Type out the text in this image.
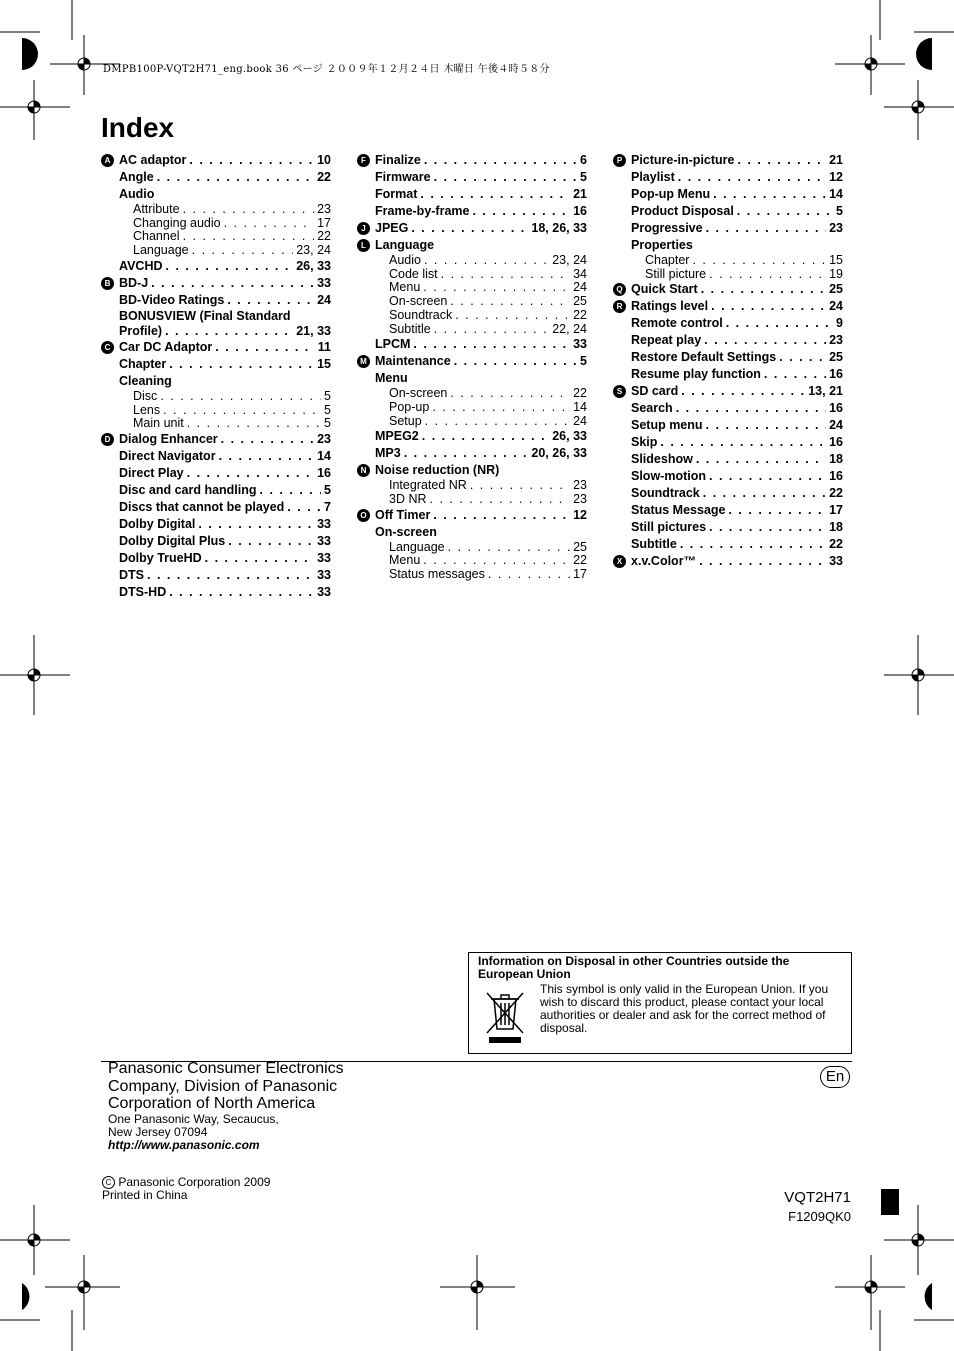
DMPB100P-VQT2H71_eng.book 36 ページ ２００９年１２月２４日 木曜日 午後４時５８分
Index
A AC adaptor . . .	10
Angle . . .	22
Audio
Attribute . . .	23
Changing audio . . .	17
Channel . . .	22
Language . . .	23, 24
AVCHD . . .	26, 33
B BD-J . . .	33
BD-Video Ratings . . .	24
BONUSVIEW (Final Standard
Profile) . . .	21, 33
C Car DC Adaptor . . .	11
Chapter . . .	15
Cleaning
Disc . . .	5
Lens . . .	5
Main unit . . .	5
D Dialog Enhancer . . .	23
Direct Navigator . . .	14
Direct Play . . .	16
Disc and card handling . . .	5
Discs that cannot be played . . .	7
Dolby Digital . . .	33
Dolby Digital Plus . . .	33
Dolby TrueHD . . .	33
DTS . . .	33
DTS-HD . . .	33
F Finalize . . .	6
Firmware . . .	5
Format . . .	21
Frame-by-frame . . .	16
J JPEG . . .	18, 26, 33
L Language
Audio . . .	23, 24
Code list . . .	34
Menu . . .	24
On-screen . . .	25
Soundtrack . . .	22
Subtitle . . .	22, 24
LPCM . . .	33
M Maintenance . . .	5
Menu
On-screen . . .	22
Pop-up . . .	14
Setup . . .	24
MPEG2 . . .	26, 33
MP3 . . .	20, 26, 33
N Noise reduction (NR)
Integrated NR . . .	23
3D NR . . .	23
O Off Timer . . .	12
On-screen
Language . . .	25
Menu . . .	22
Status messages . . .	17
P Picture-in-picture . . .	21
Playlist . . .	12
Pop-up Menu . . .	14
Product Disposal . . .	5
Progressive . . .	23
Properties
Chapter . . .	15
Still picture . . .	19
Q Quick Start . . .	25
R Ratings level . . .	24
Remote control . . .	9
Repeat play . . .	23
Restore Default Settings . . .	25
Resume play function . . .	16
S SD card . . .	13, 21
Search . . .	16
Setup menu . . .	24
Skip . . .	16
Slideshow . . .	18
Slow-motion . . .	16
Soundtrack . . .	22
Status Message . . .	17
Still pictures . . .	18
Subtitle . . .	22
X x.v.Color™ . . .	33
Information on Disposal in other Countries outside the European Union
This symbol is only valid in the European Union. If you wish to discard this product, please contact your local authorities or dealer and ask for the correct method of disposal.
Panasonic Consumer Electronics
Company, Division of Panasonic
Corporation of North America
One Panasonic Way, Secaucus,
New Jersey 07094
http://www.panasonic.com
En
C Panasonic Corporation 2009
Printed in China	VQT2H71
F1209QK0
